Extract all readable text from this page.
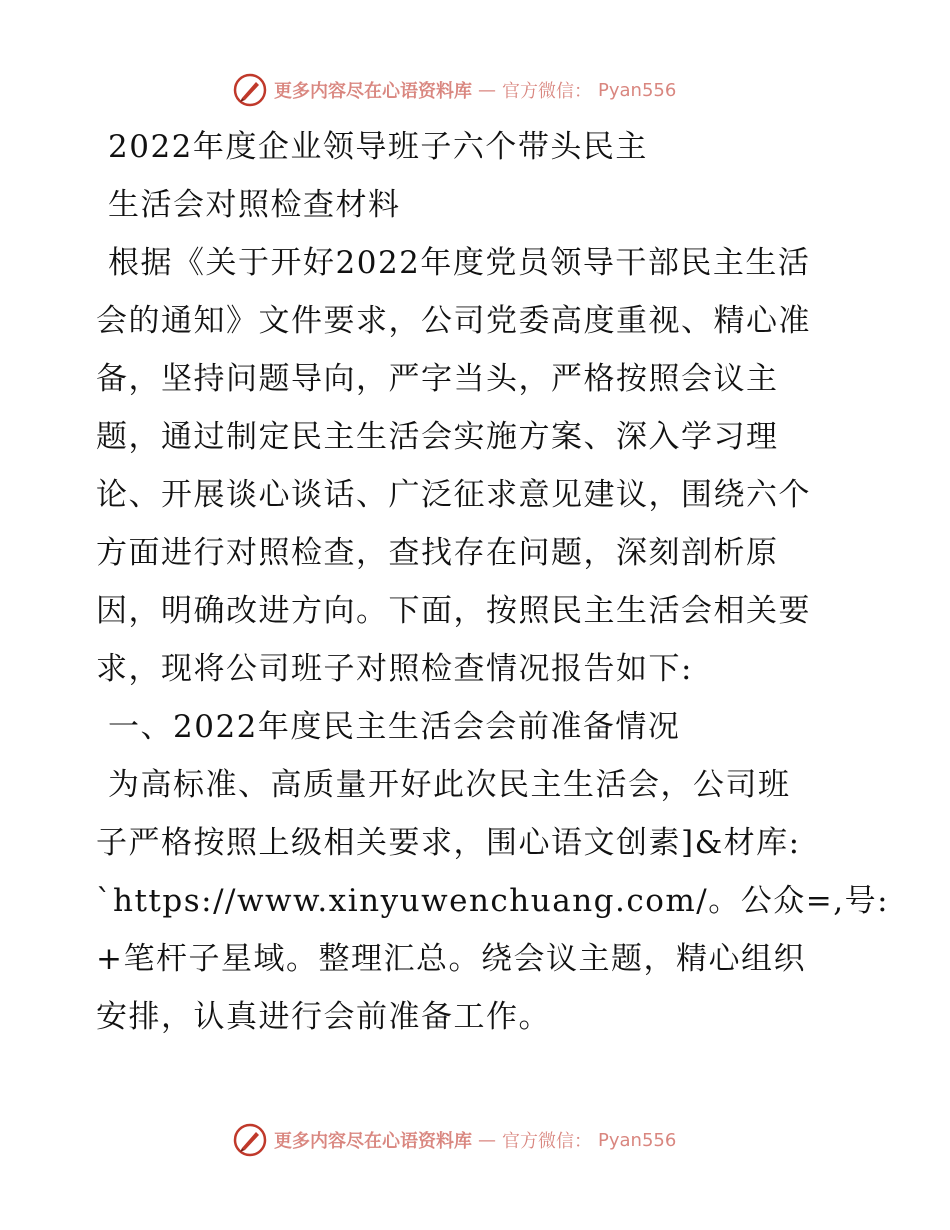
更多内容尽在心语资料库 — 官方微信： Pyan556
2022年度企业领导班子六个带头民主
生活会对照检查材料
根据《关于开好2022年度党员领导干部民主生活
会的通知》文件要求，公司党委高度重视、精心准
备，坚持问题导向，严字当头，严格按照会议主
题，通过制定民主生活会实施方案、深入学习理
论、开展谈心谈话、广泛征求意见建议，围绕六个
方面进行对照检查，查找存在问题，深刻剖析原
因，明确改进方向。下面，按照民主生活会相关要
求，现将公司班子对照检查情况报告如下:
一、2022年度民主生活会会前准备情况
为高标准、高质量开好此次民主生活会，公司班
子严格按照上级相关要求，围心语文创素]&材库:
`https://www.xinyuwenchuang.com/。公众=,号:
+笔杆子星域。整理汇总。绕会议主题，精心组织
安排，认真进行会前准备工作。
更多内容尽在心语资料库 — 官方微信： Pyan556
